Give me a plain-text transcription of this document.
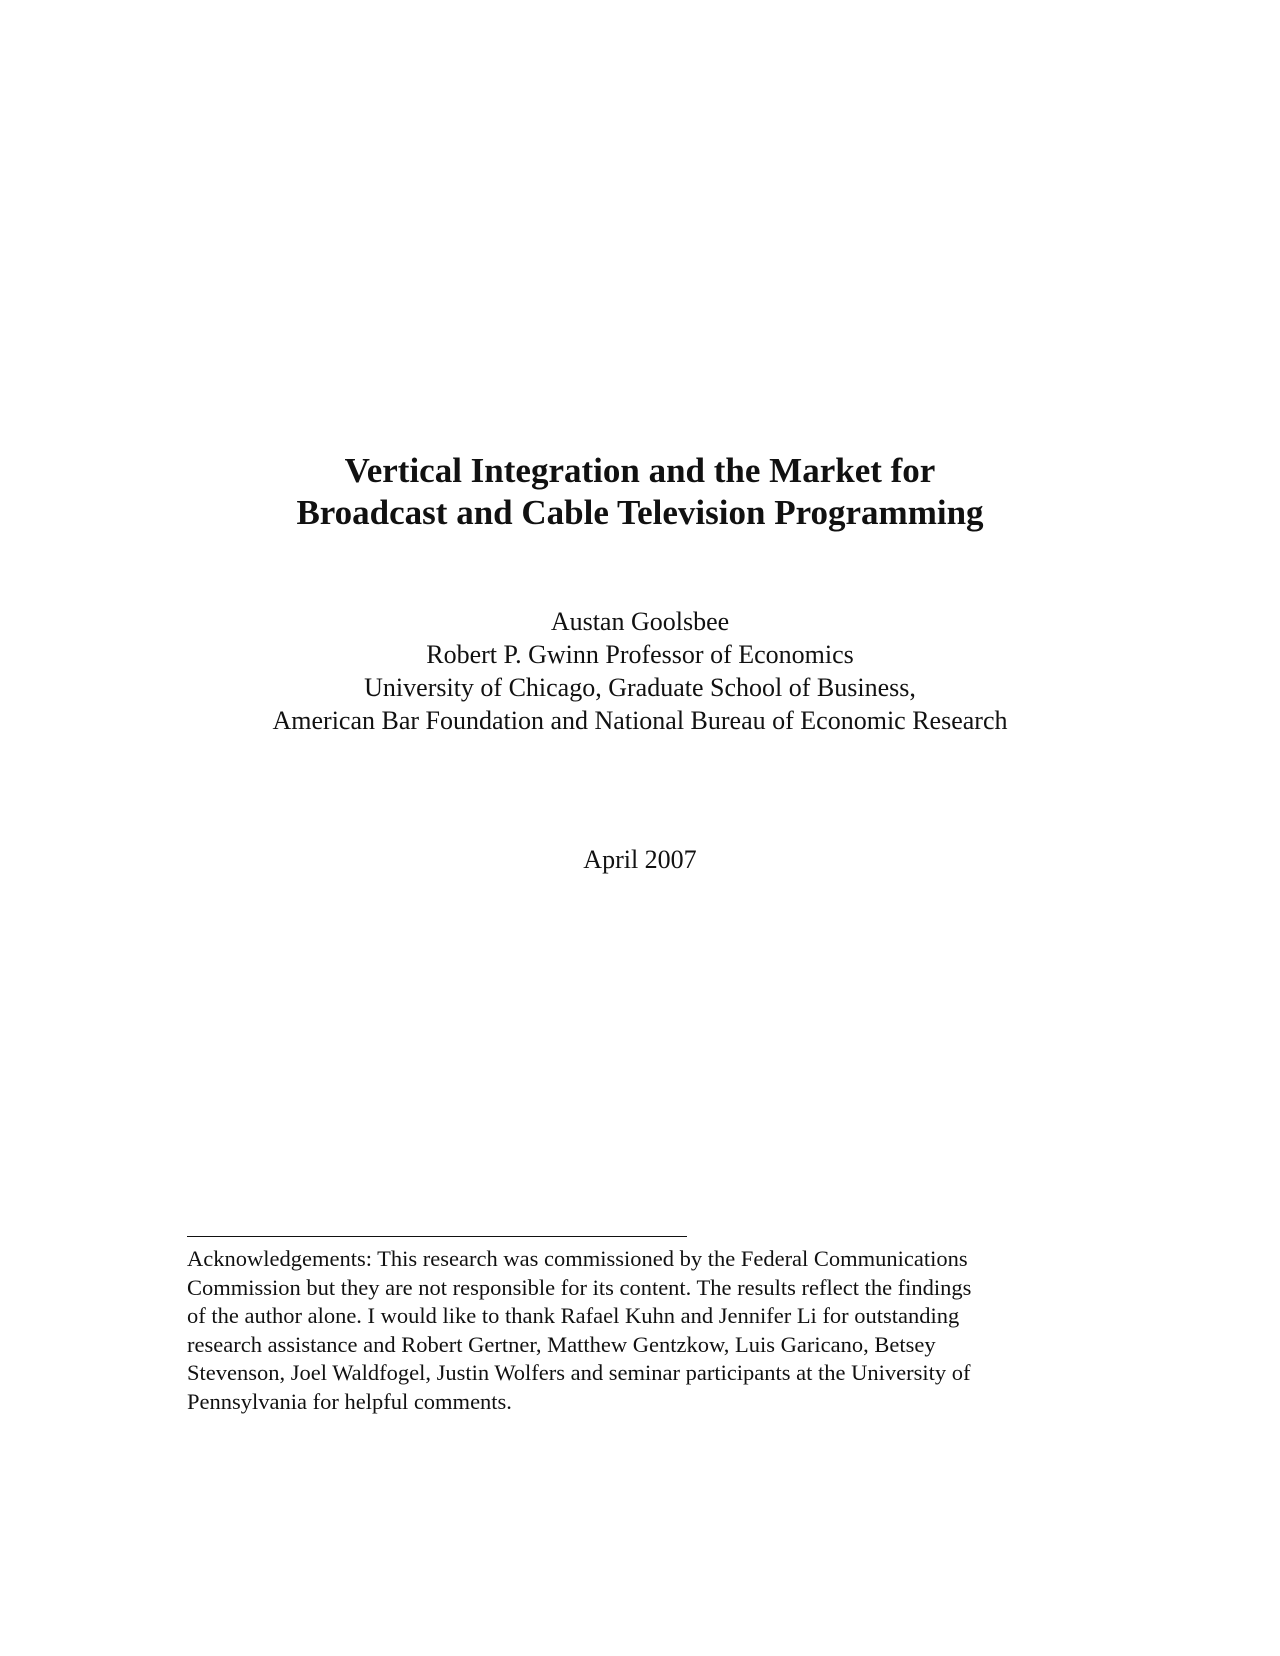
Vertical Integration and the Market for
Broadcast and Cable Television Programming
Austan Goolsbee
Robert P. Gwinn Professor of Economics
University of Chicago, Graduate School of Business,
American Bar Foundation and National Bureau of Economic Research
April 2007
Acknowledgements: This research was commissioned by the Federal Communications
Commission but they are not responsible for its content. The results reflect the findings
of the author alone. I would like to thank Rafael Kuhn and Jennifer Li for outstanding
research assistance and Robert Gertner, Matthew Gentzkow, Luis Garicano, Betsey
Stevenson, Joel Waldfogel, Justin Wolfers and seminar participants at the University of
Pennsylvania for helpful comments.
